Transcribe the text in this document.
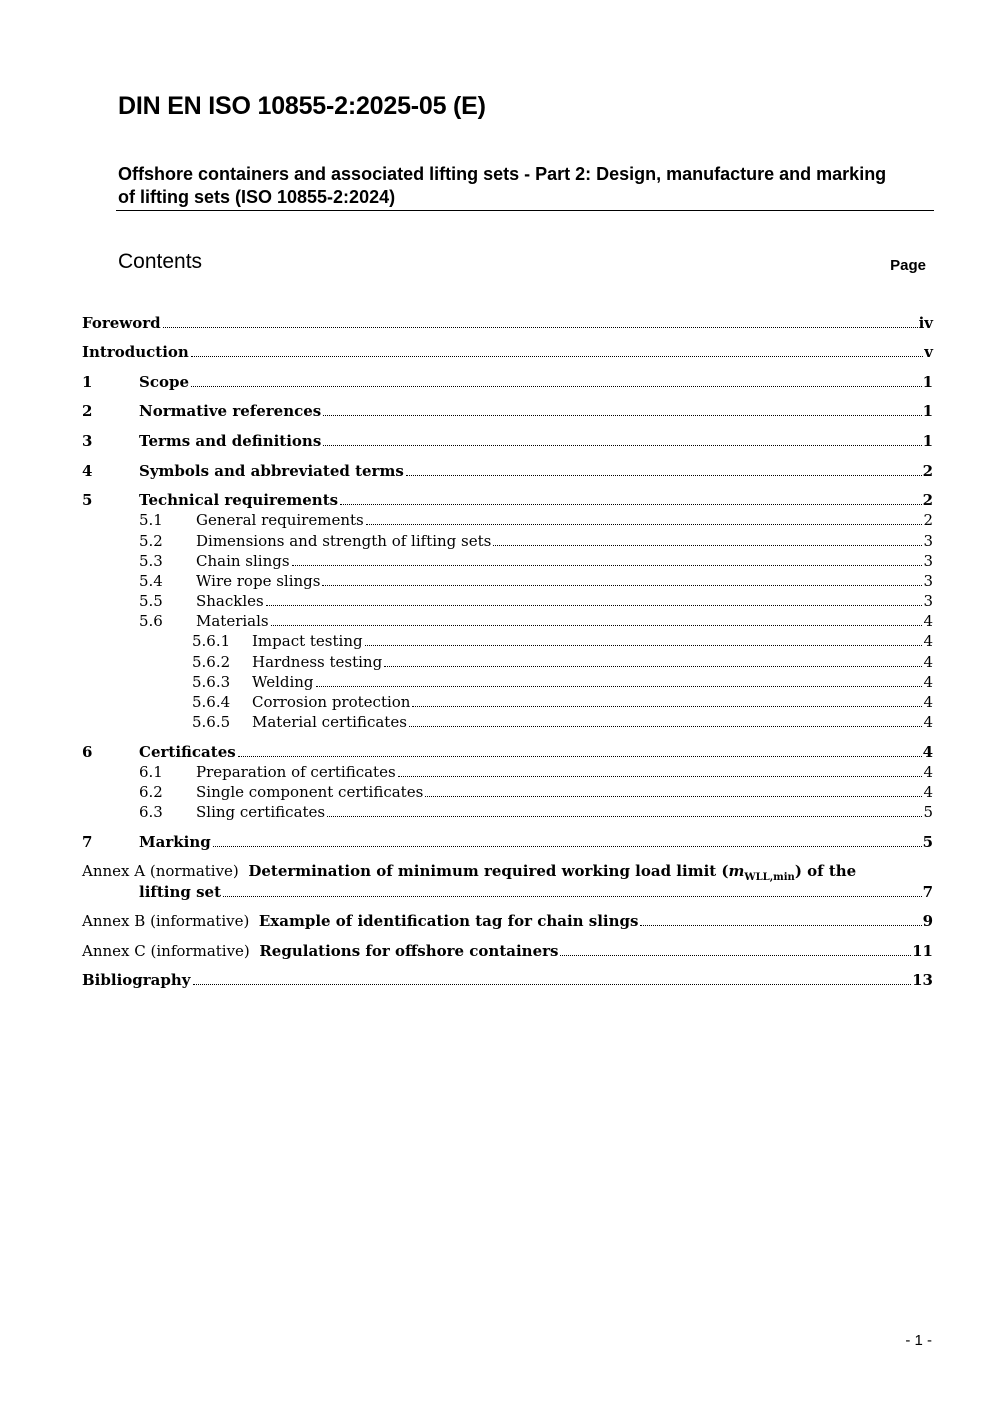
DIN EN ISO 10855-2:2025-05 (E)
Offshore containers and associated lifting sets - Part 2: Design, manufacture and marking of lifting sets (ISO 10855-2:2024)
Contents	Page
Foreword	iv
Introduction	v
1	Scope	1
2	Normative references	1
3	Terms and definitions	1
4	Symbols and abbreviated terms	2
5	Technical requirements	2
5.1 General requirements	2
5.2 Dimensions and strength of lifting sets	3
5.3 Chain slings	3
5.4 Wire rope slings	3
5.5 Shackles	3
5.6 Materials	4
5.6.1 Impact testing	4
5.6.2 Hardness testing	4
5.6.3 Welding	4
5.6.4 Corrosion protection	4
5.6.5 Material certificates	4
6	Certificates	4
6.1 Preparation of certificates	4
6.2 Single component certificates	4
6.3 Sling certificates	5
7	Marking	5
Annex A (normative) Determination of minimum required working load limit $(m_{WLL,min})$ of the
lifting set	7
Annex B (informative) Example of identification tag for chain slings	9
Annex C (informative) Regulations for offshore containers	11
Bibliography	13
- 1 -
